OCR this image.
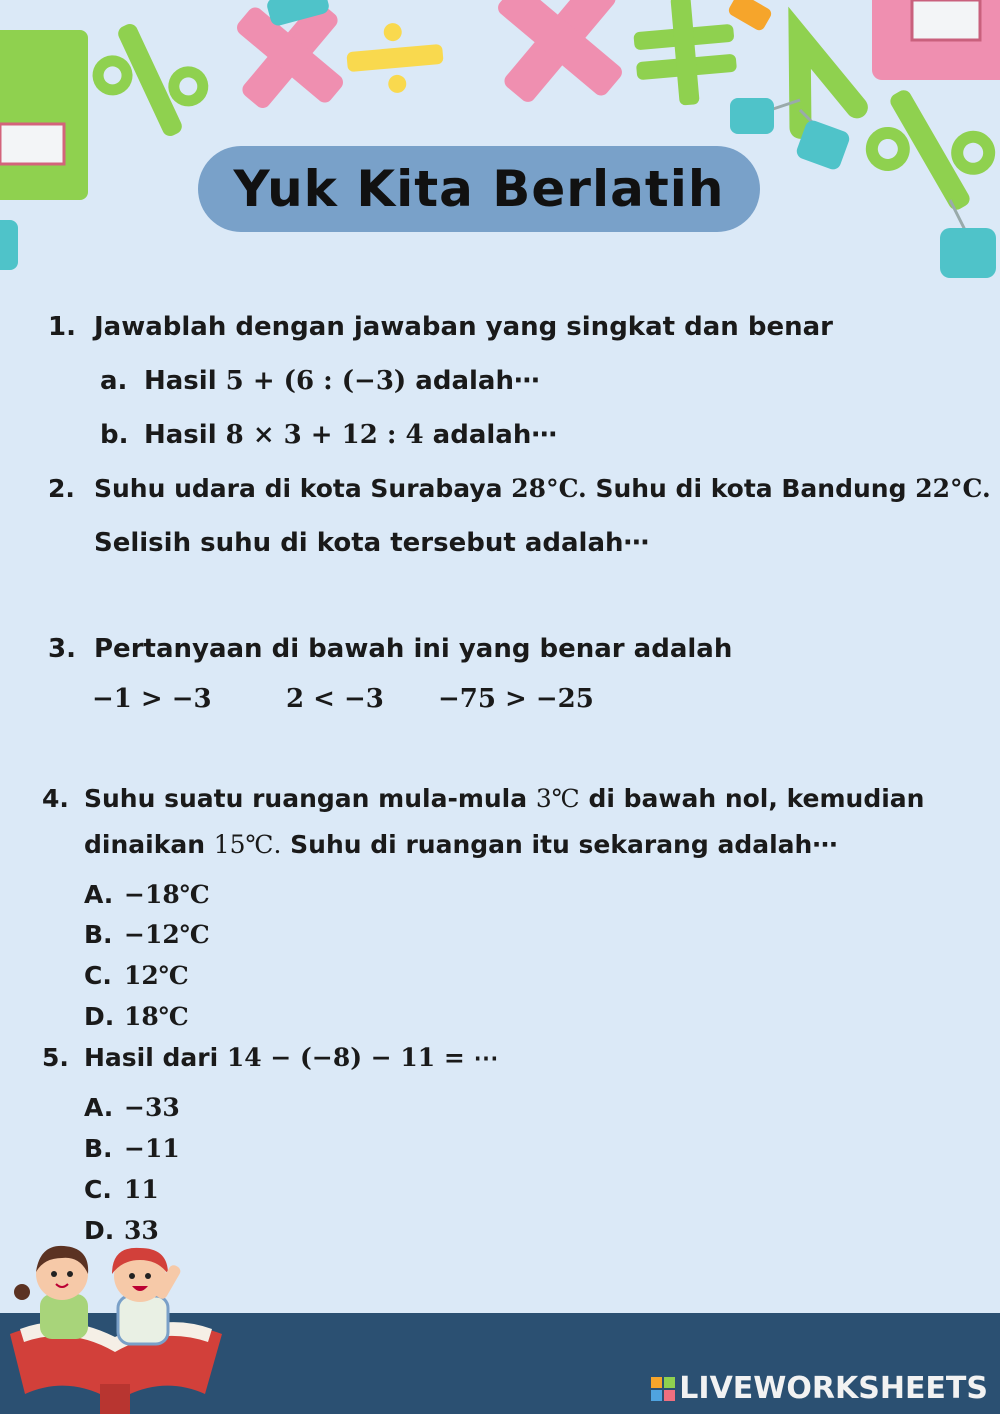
Yuk Kita Berlatih
1. Jawablah dengan jawaban yang singkat dan benar
a. Hasil 5 + (6 : (−3) adalah⋯
b. Hasil 8 × 3 + 12 : 4 adalah⋯
2. Suhu udara di kota Surabaya 28°C. Suhu di kota Bandung 22°C.
Selisih suhu di kota tersebut adalah⋯
3. Pertanyaan di bawah ini yang benar adalah
−1 > −3	2 < −3 −75 > −25
4. Suhu suatu ruangan mula-mula 3℃ di bawah nol, kemudian
dinaikan 15℃. Suhu di ruangan itu sekarang adalah⋯
A. −18℃
B. −12℃
C. 12℃
D. 18℃
5. Hasil dari 14 − (−8) − 11 = ⋯
A. −33
B. −11
C. 11
D. 33
LIVEWORKSHEETS
